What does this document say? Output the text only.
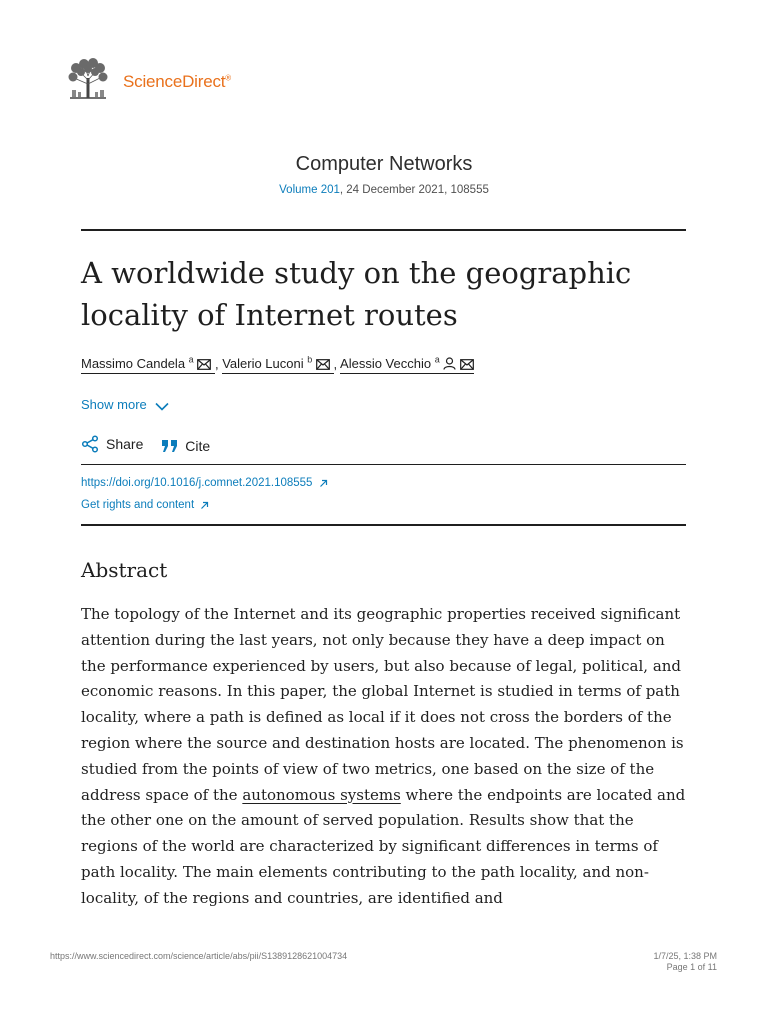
ScienceDirect®
Computer Networks
Volume 201, 24 December 2021, 108555
A worldwide study on the geographic
locality of Internet routes
Massimo Candela $^a$ , Valerio Luconi $^b$ , Alessio Vecchio $^a$
Show more
Share
	Cite
https://doi.org/10.1016/j.comnet.2021.108555
Get rights and content
Abstract
The topology of the Internet and its geographic properties received significant attention during the last years, not only because they have a deep impact on the performance experienced by users, but also because of legal, political, and economic reasons. In this paper, the global Internet is studied in terms of path locality, where a path is defined as local if it does not cross the borders of the region where the source and destination hosts are located. The phenomenon is studied from the points of view of two metrics, one based on the size of the address space of the autonomous systems where the endpoints are located and the other one on the amount of served population. Results show that the regions of the world are characterized by significant differences in terms of path locality. The main elements contributing to the path locality, and non-locality, of the regions and countries, are identified and
https://www.sciencedirect.com/science/article/abs/pii/S1389128621004734	1/7/25, 1:38 PM
Page 1 of 11
